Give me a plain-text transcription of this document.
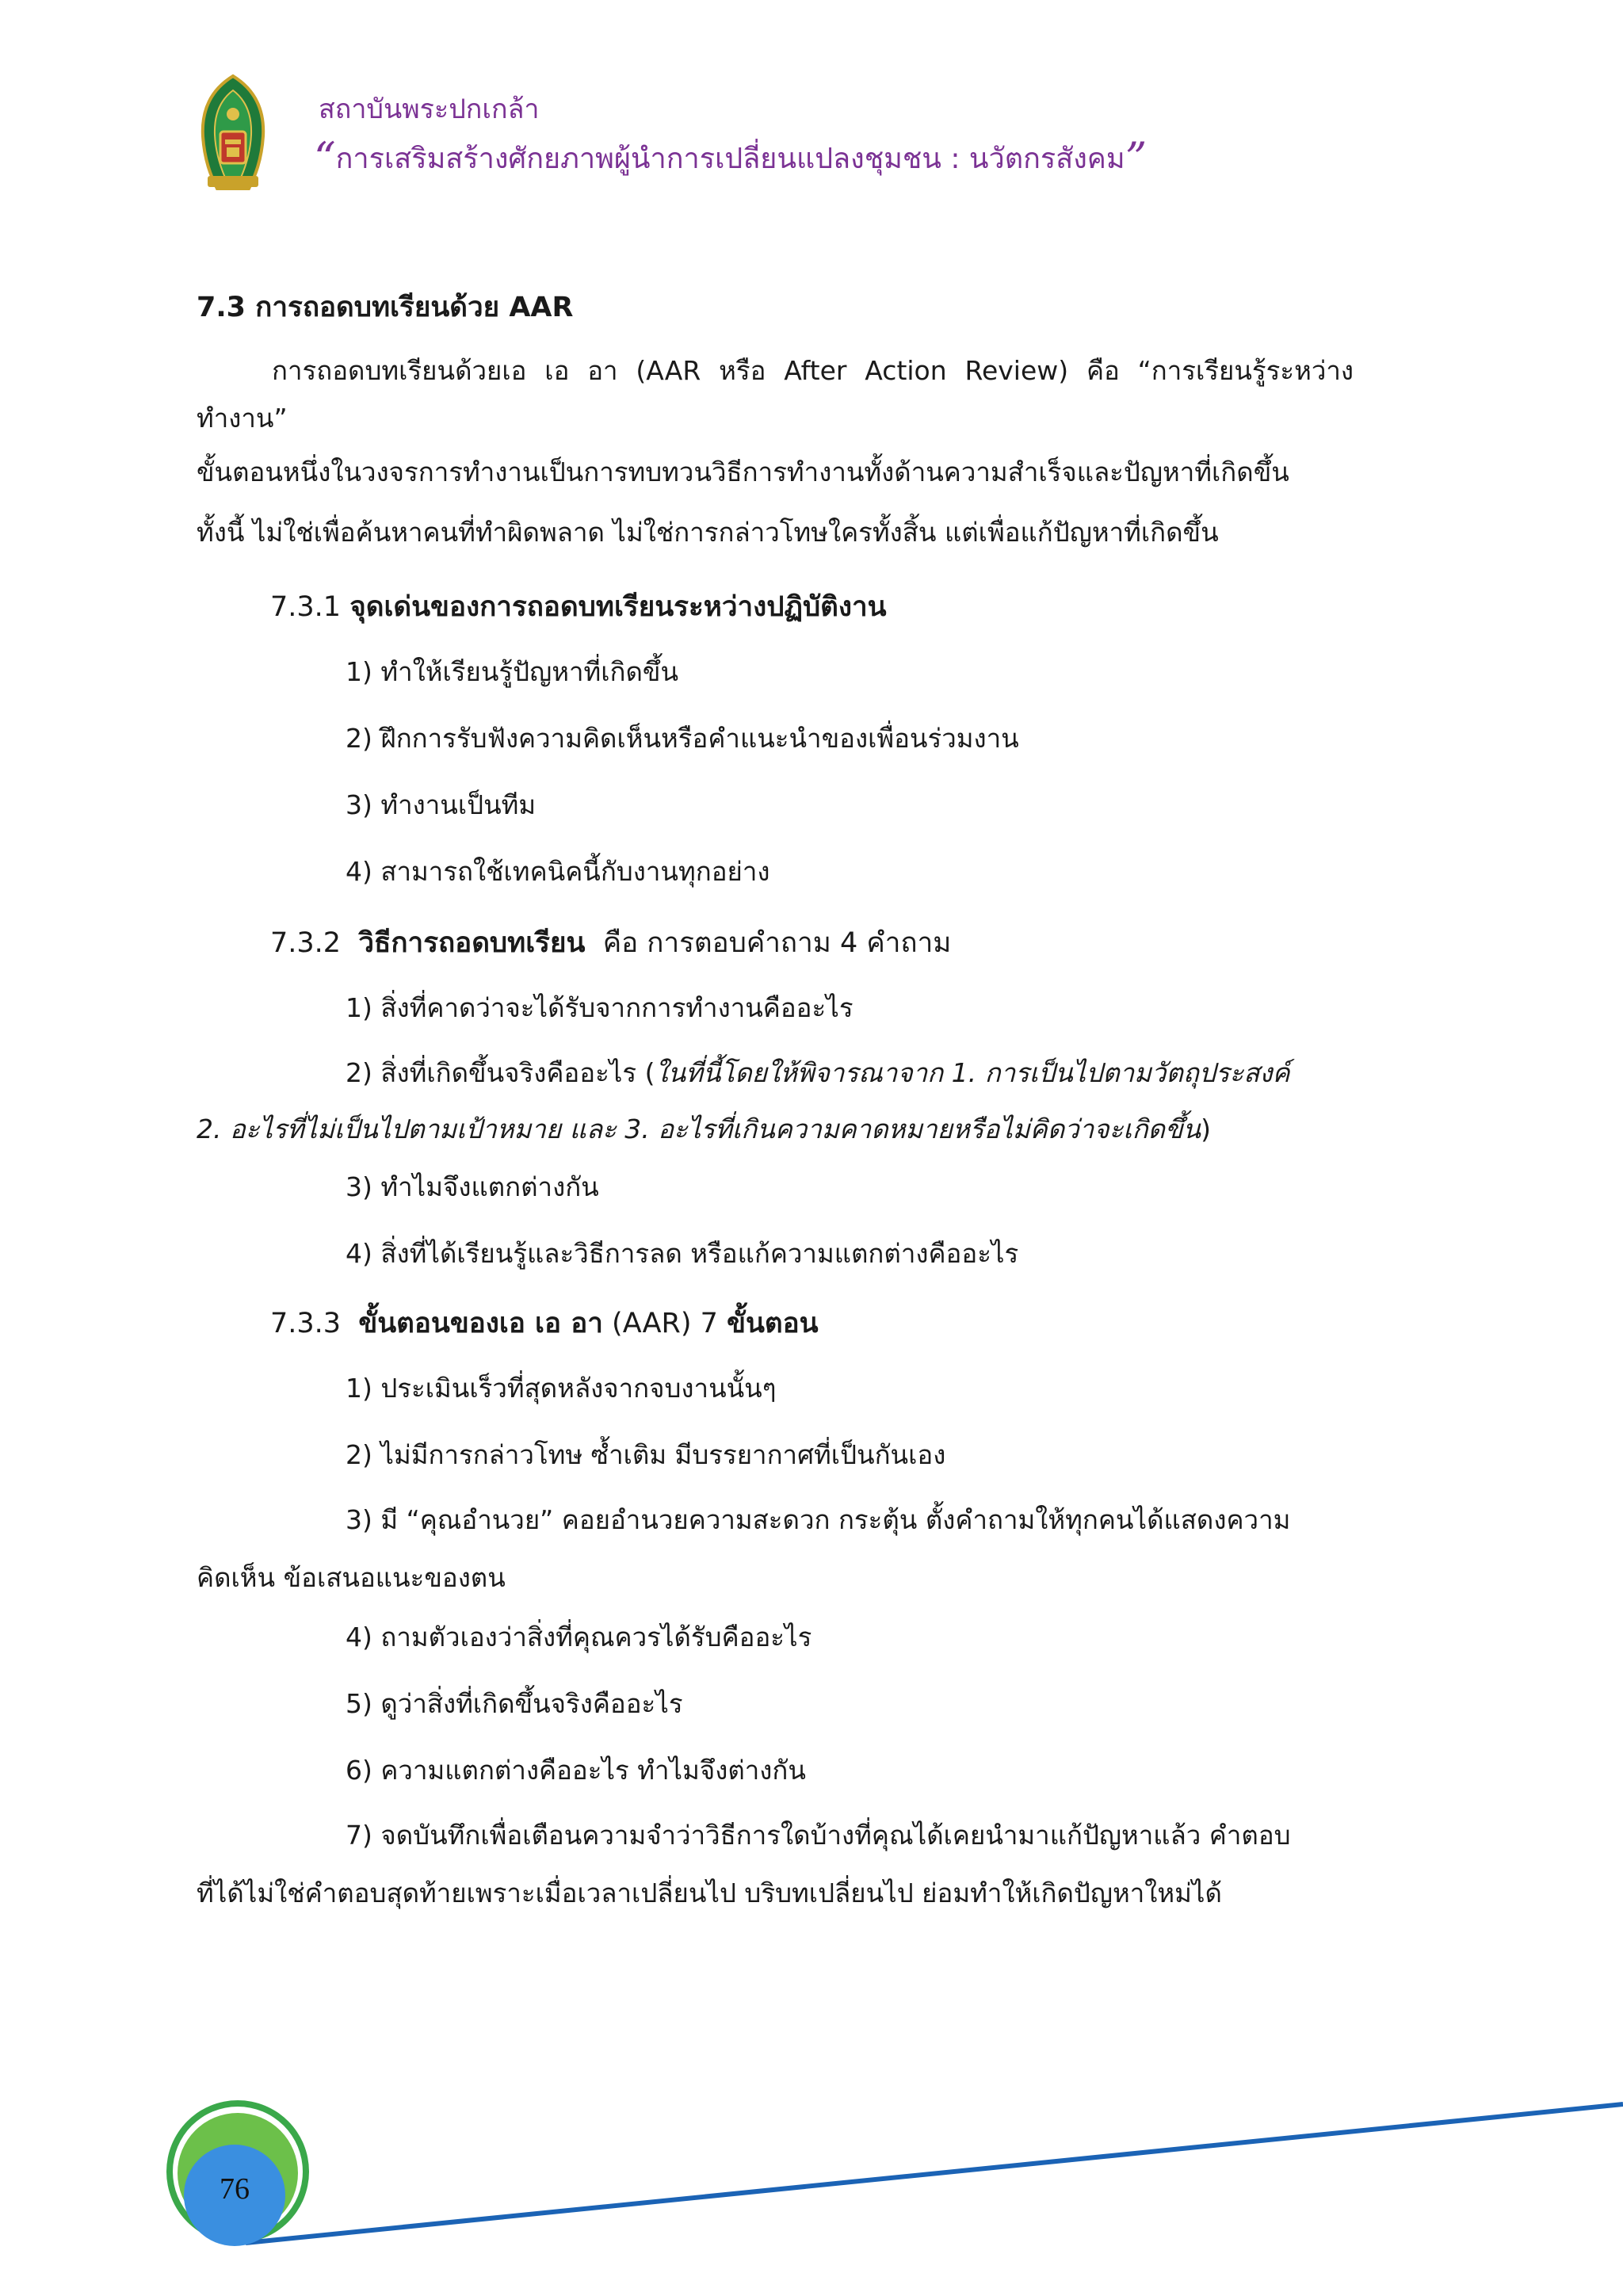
สถาบันพระปกเกล้า
“การเสริมสร้างศักยภาพผู้นำการเปลี่ยนแปลงชุมชน : นวัตกรสังคม”

7.3 การถอดบทเรียนด้วย AAR

การถอดบทเรียนด้วยเอ เอ อา (AAR หรือ After Action Review) คือ “การเรียนรู้ระหว่างทำงาน”

ขั้นตอนหนึ่งในวงจรการทำงานเป็นการทบทวนวิธีการทำงานทั้งด้านความสำเร็จและปัญหาที่เกิดขึ้น

ทั้งนี้ ไม่ใช่เพื่อค้นหาคนที่ทำผิดพลาด ไม่ใช่การกล่าวโทษใครทั้งสิ้น แต่เพื่อแก้ปัญหาที่เกิดขึ้น

7.3.1 จุดเด่นของการถอดบทเรียนระหว่างปฏิบัติงาน

1) ทำให้เรียนรู้ปัญหาที่เกิดขึ้น

2) ฝึกการรับฟังความคิดเห็นหรือคำแนะนำของเพื่อนร่วมงาน

3) ทำงานเป็นทีม

4) สามารถใช้เทคนิคนี้กับงานทุกอย่าง

7.3.2 วิธีการถอดบทเรียน คือ การตอบคำถาม 4 คำถาม

1) สิ่งที่คาดว่าจะได้รับจากการทำงานคืออะไร

2) สิ่งที่เกิดขึ้นจริงคืออะไร (ในที่นี้โดยให้พิจารณาจาก 1. การเป็นไปตามวัตถุประสงค์

2. อะไรที่ไม่เป็นไปตามเป้าหมาย และ 3. อะไรที่เกินความคาดหมายหรือไม่คิดว่าจะเกิดขึ้น)

3) ทำไมจึงแตกต่างกัน

4) สิ่งที่ได้เรียนรู้และวิธีการลด หรือแก้ความแตกต่างคืออะไร

7.3.3 ขั้นตอนของเอ เอ อา (AAR) 7 ขั้นตอน

1) ประเมินเร็วที่สุดหลังจากจบงานนั้นๆ

2) ไม่มีการกล่าวโทษ ซ้ำเติม มีบรรยากาศที่เป็นกันเอง

3) มี “คุณอำนวย” คอยอำนวยความสะดวก กระตุ้น ตั้งคำถามให้ทุกคนได้แสดงความ

คิดเห็น ข้อเสนอแนะของตน

4) ถามตัวเองว่าสิ่งที่คุณควรได้รับคืออะไร

5) ดูว่าสิ่งที่เกิดขึ้นจริงคืออะไร

6) ความแตกต่างคืออะไร ทำไมจึงต่างกัน

7) จดบันทึกเพื่อเตือนความจำว่าวิธีการใดบ้างที่คุณได้เคยนำมาแก้ปัญหาแล้ว คำตอบ

ที่ได้ไม่ใช่คำตอบสุดท้ายเพราะเมื่อเวลาเปลี่ยนไป บริบทเปลี่ยนไป ย่อมทำให้เกิดปัญหาใหม่ได้

76
